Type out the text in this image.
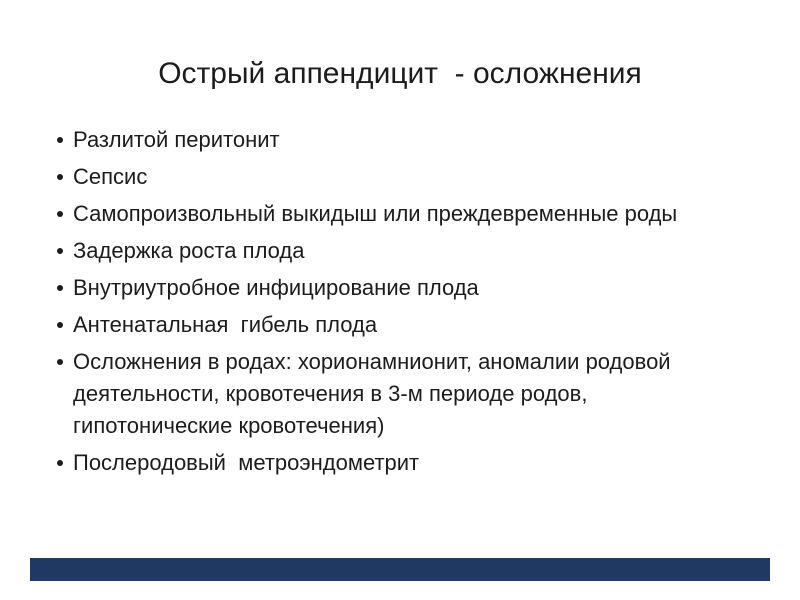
Острый аппендицит  - осложнения
Разлитой перитонит
Сепсис
Самопроизвольный выкидыш или преждевременные роды
Задержка роста плода
Внутриутробное инфицирование плода
Антенатальная  гибель плода
Осложнения в родах: хорионамнионит, аномалии родовой деятельности, кровотечения в 3-м периоде родов, гипотонические кровотечения)
Послеродовый  метроэндометрит
